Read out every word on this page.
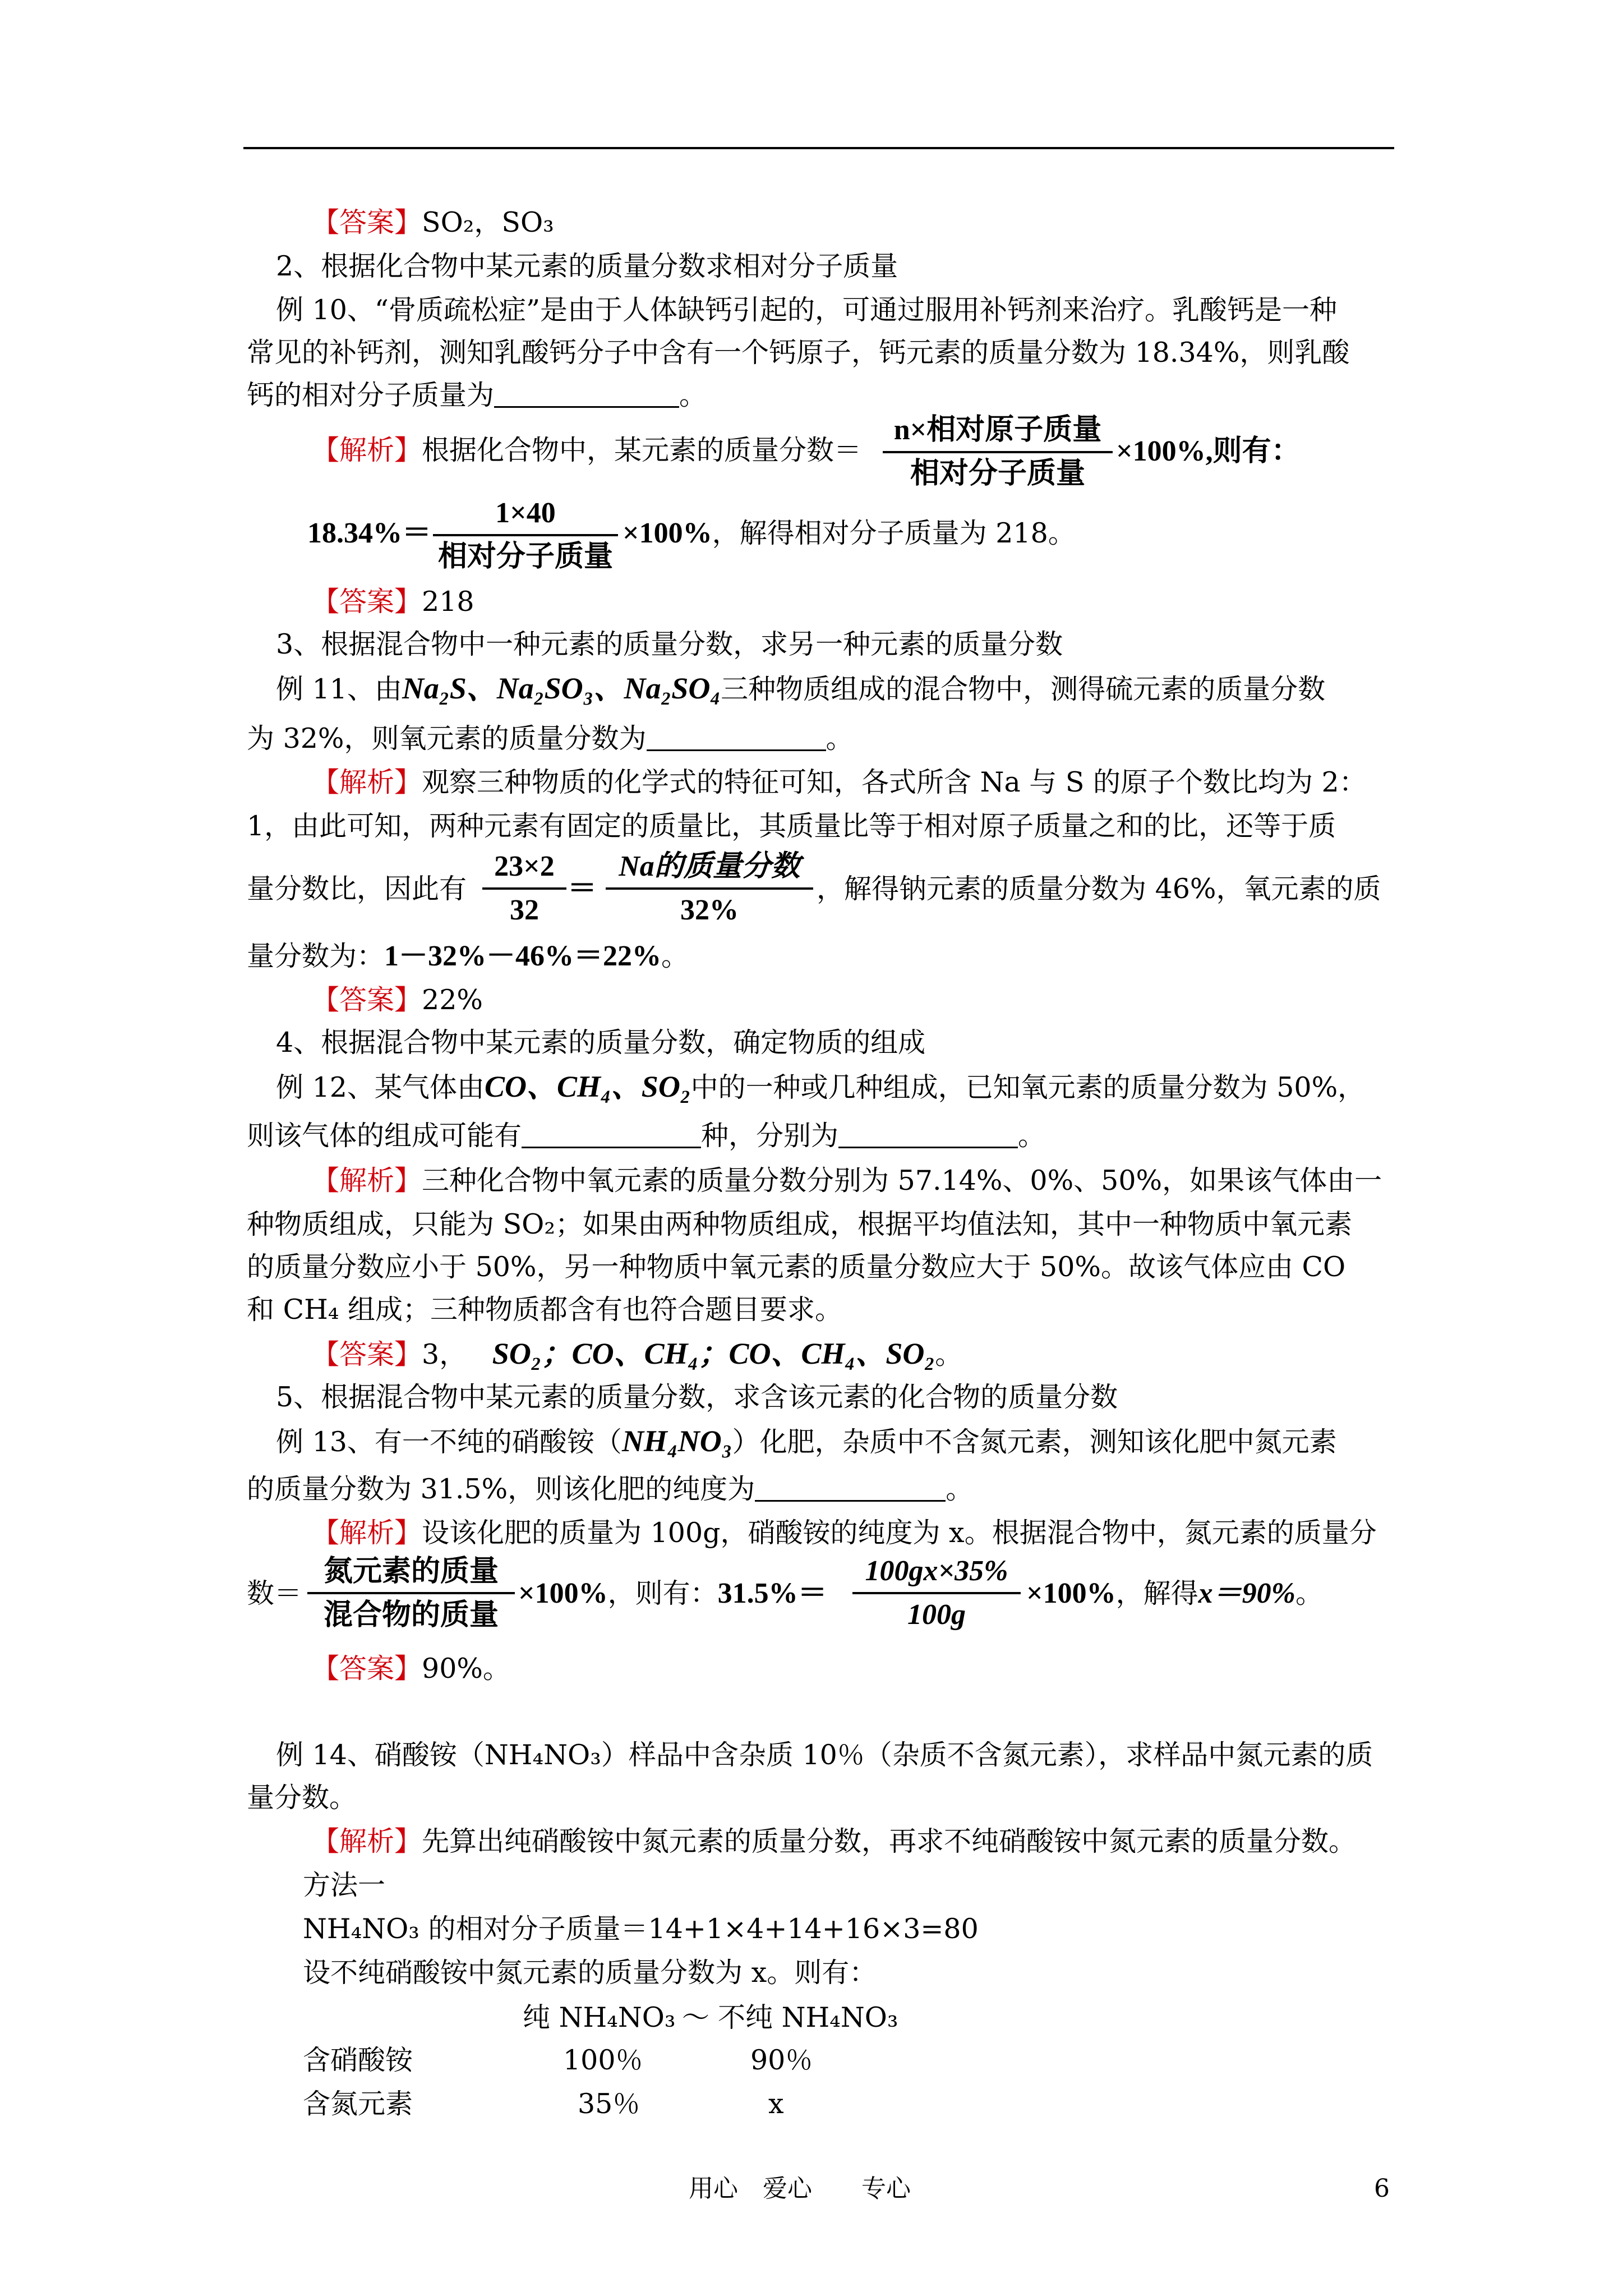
【答案】SO₂，SO₃
2、根据化合物中某元素的质量分数求相对分子质量
例 10、“骨质疏松症”是由于人体缺钙引起的，可通过服用补钙剂来治疗。乳酸钙是一种
常见的补钙剂，测知乳酸钙分子中含有一个钙原子，钙元素的质量分数为 18.34%，则乳酸
钙的相对分子质量为	。
【解析】根据化合物中，某元素的质量分数＝
n×相对原子质量
相对分子质量
×100%,则有：
18.34%＝
1×40
相对分子质量
×100%，解得相对分子质量为 218。
【答案】218
3、根据混合物中一种元素的质量分数，求另一种元素的质量分数
例 11、由Na₂S、Na₂SO₃、Na₂SO₄三种物质组成的混合物中，测得硫元素的质量分数
为 32%，则氧元素的质量分数为	。
【解析】观察三种物质的化学式的特征可知，各式所含 Na 与 S 的原子个数比均为 2：
1，由此可知，两种元素有固定的质量比，其质量比等于相对原子质量之和的比，还等于质
量分数比，因此有
23×2
32
＝
Na的质量分数
32%
，解得钠元素的质量分数为 46%，氧元素的质
量分数为：1－32%－46%＝22%。
【答案】22%
4、根据混合物中某元素的质量分数，确定物质的组成
例 12、某气体由CO、CH₄、SO₂中的一种或几种组成，已知氧元素的质量分数为 50%，
则该气体的组成可能有	种，分别为	。
【解析】三种化合物中氧元素的质量分数分别为 57.14%、0%、50%，如果该气体由一
种物质组成，只能为 SO₂；如果由两种物质组成，根据平均值法知，其中一种物质中氧元素
的质量分数应小于 50%，另一种物质中氧元素的质量分数应大于 50%。故该气体应由 CO
和 CH₄ 组成；三种物质都含有也符合题目要求。
【答案】3， SO₂；CO、CH₄；CO、CH₄、SO₂。
5、根据混合物中某元素的质量分数，求含该元素的化合物的质量分数
例 13、有一不纯的硝酸铵（NH₄NO₃）化肥，杂质中不含氮元素，测知该化肥中氮元素
的质量分数为 31.5%，则该化肥的纯度为	。
【解析】设该化肥的质量为 100g，硝酸铵的纯度为 x。根据混合物中，氮元素的质量分
数＝
氮元素的质量
混合物的质量
×100%，则有：31.5%＝
100gx×35%
100g
×100%，解得x＝90%。
【答案】90%。
例 14、硝酸铵（NH₄NO₃）样品中含杂质 10％（杂质不含氮元素），求样品中氮元素的质
量分数。
【解析】先算出纯硝酸铵中氮元素的质量分数，再求不纯硝酸铵中氮元素的质量分数。
方法一
NH₄NO₃ 的相对分子质量＝14+1×4+14+16×3=80
设不纯硝酸铵中氮元素的质量分数为 x。则有：
纯 NH₄NO₃ ～ 不纯 NH₄NO₃
含硝酸铵	100％	90％
含氮元素	35％	x
用心　爱心　　专心	6
